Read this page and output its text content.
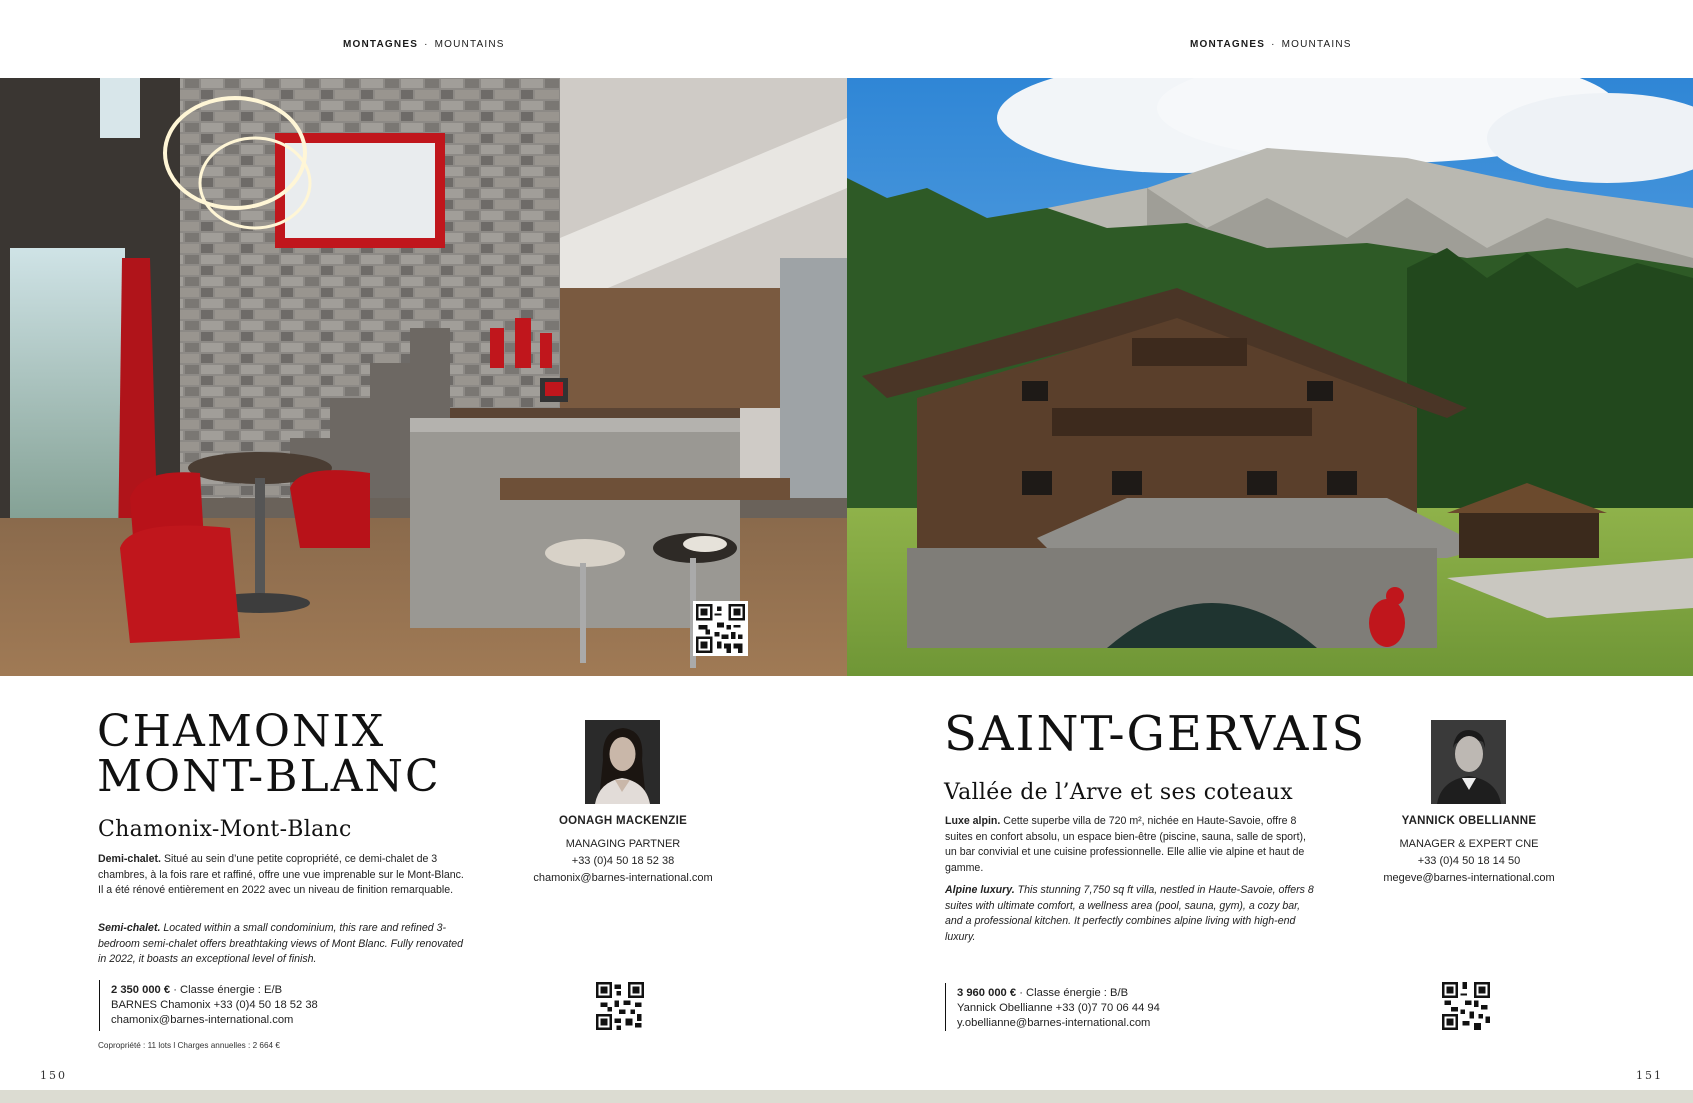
MONTAGNES · MOUNTAINS	MONTAGNES · MOUNTAINS
CHAMONIX
MONT-BLANC
Chamonix-Mont-Blanc

Demi-chalet. Situé au sein d’une petite copropriété, ce demi-chalet de 3 chambres, à la fois rare et raffiné, offre une vue imprenable sur le Mont-Blanc. Il a été rénové entièrement en 2022 avec un niveau de finition remarquable.

Semi-chalet. Located within a small condominium, this rare and refined 3-bedroom semi-chalet offers breathtaking views of Mont Blanc. Fully renovated in 2022, it boasts an exceptional level of finish.

2 350 000 € · Classe énergie : E/B
BARNES Chamonix +33 (0)4 50 18 52 38
chamonix@barnes-international.com
Copropriété : 11 lots l Charges annuelles : 2 664 €
OONAGH MACKENZIE
MANAGING PARTNER
+33 (0)4 50 18 52 38
chamonix@barnes-international.com
SAINT-GERVAIS
Vallée de l’Arve et ses coteaux

Luxe alpin. Cette superbe villa de 720 m², nichée en Haute-Savoie, offre 8 suites en confort absolu, un espace bien-être (piscine, sauna, salle de sport), un bar convivial et une cuisine professionnelle. Elle allie vie alpine et haut de gamme.

Alpine luxury. This stunning 7,750 sq ft villa, nestled in Haute-Savoie, offers 8 suites with ultimate comfort, a wellness area (pool, sauna, gym), a cozy bar, and a professional kitchen. It perfectly combines alpine living with high-end luxury.

3 960 000 € · Classe énergie : B/B
Yannick Obellianne +33 (0)7 70 06 44 94
y.obellianne@barnes-international.com
YANNICK OBELLIANNE
MANAGER & EXPERT CNE
+33 (0)4 50 18 14 50
megeve@barnes-international.com
150	151
